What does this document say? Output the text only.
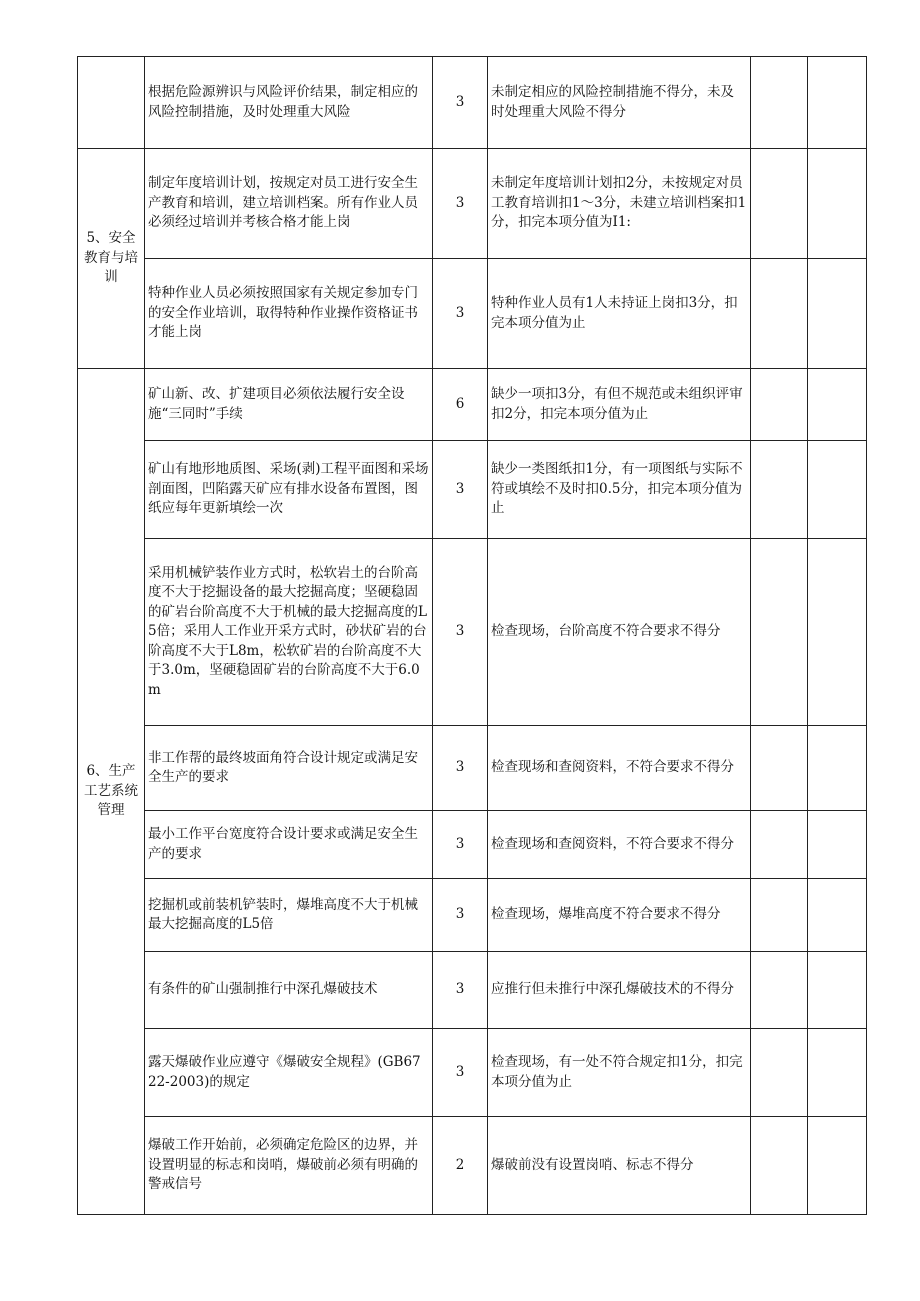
	根据危险源辨识与风险评价结果，制定相应的风险控制措施，及时处理重大风险	3	未制定相应的风险控制措施不得分，未及时处理重大风险不得分		
5、安全教育与培训	制定年度培训计划，按规定对员工进行安全生产教育和培训，建立培训档案。所有作业人员必须经过培训并考核合格才能上岗	3	未制定年度培训计划扣2分，未按规定对员工教育培训扣1～3分，未建立培训档案扣1分，扣完本项分值为I1:		
	特种作业人员必须按照国家有关规定参加专门的安全作业培训，取得特种作业操作资格证书才能上岗	3	特种作业人员有1人未持证上岗扣3分，扣完本项分值为止		
6、生产工艺系统管理	矿山新、改、扩建项目必须依法履行安全设施“三同时”手续	6	缺少一项扣3分，有但不规范或未组织评审扣2分，扣完本项分值为止		
	矿山有地形地质图、采场(剥)工程平面图和采场剖面图，凹陷露天矿应有排水设备布置图，图纸应每年更新填绘一次	3	缺少一类图纸扣1分，有一项图纸与实际不符或填绘不及时扣0.5分，扣完本项分值为止		
	采用机械铲装作业方式时，松软岩土的台阶高度不大于挖掘设备的最大挖掘高度；坚硬稳固的矿岩台阶高度不大于机械的最大挖掘高度的L5倍；采用人工作业开采方式时，砂状矿岩的台阶高度不大于L8m，松软矿岩的台阶高度不大于3.0m，坚硬稳固矿岩的台阶高度不大于6.0m	3	检查现场，台阶高度不符合要求不得分		
	非工作帮的最终坡面角符合设计规定或满足安全生产的要求	3	检查现场和查阅资料，不符合要求不得分		
	最小工作平台宽度符合设计要求或满足安全生产的要求	3	检查现场和查阅资料，不符合要求不得分		
	挖掘机或前装机铲装时，爆堆高度不大于机械最大挖掘高度的L5倍	3	检查现场，爆堆高度不符合要求不得分		
	有条件的矿山强制推行中深孔爆破技术	3	应推行但未推行中深孔爆破技术的不得分		
	露天爆破作业应遵守《爆破安全规程》(GB6722-2003)的规定	3	检查现场，有一处不符合规定扣1分，扣完本项分值为止		
	爆破工作开始前，必须确定危险区的边界，并设置明显的标志和岗哨，爆破前必须有明确的警戒信号	2	爆破前没有设置岗哨、标志不得分		
